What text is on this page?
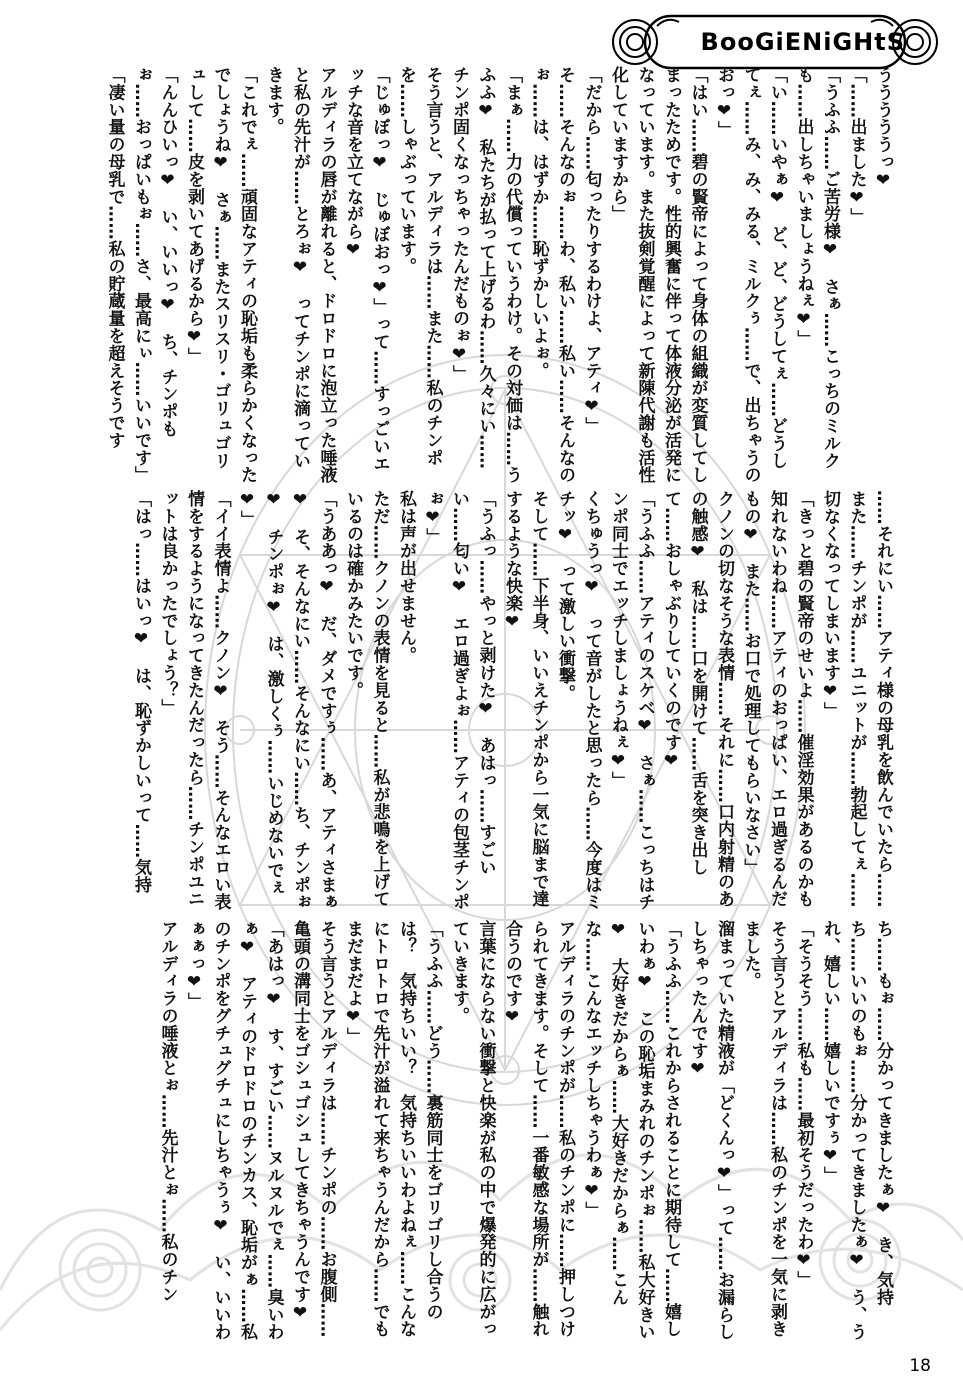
BooGiENiGHtS
うううううっ❤
「……出ました❤」
「うふふ……ご苦労様❤　さぁ……こっちのミルクも……出しちゃいましょうねぇ❤」
「い……いやぁ❤　ど、ど、どうしてぇ……どうしてぇ……み、み、みる、ミルクぅ……で、出ちゃうのおっ❤」
「はい……碧の賢帝によって身体の組織が変質してしまったためです。性的興奮に伴って体液分泌が活発になっています。また抜剣覚醒によって新陳代謝も活性化していますから」
「だから……匂ったりするわけよ、アティ❤」
そ……そんなのぉ……わ、私い……私い……そんなのぉ……は、はずか……恥ずかしいよぉ。
「まぁ……力の代償っていうわけ。その対価は……うふふ❤　私たちが払って上げるわ……久々にい……チンポ固くなっちゃったんだものぉ❤」
そう言うと、アルディラは……また……私のチンポを……しゃぶっています。
「じゅぼっ❤　じゅぼおっ❤」って……すっごいエッチな音を立てながら❤
アルディラの唇が離れると、ドロドロに泡立った唾液と私の先汁が……とろぉ❤　ってチンポに滴っていきます。
「これでぇ……頑固なアティの恥垢も柔らかくなったでしょうね❤　さぁ……またスリスリ・ゴリュゴリュして……皮を剥いてあげるから❤」
「んんひいっ❤　い、いいっ❤　ち、チンポもぉ……おっぱいもぉ……さ、最高にぃ……いいです」
「凄い量の母乳で……私の貯蔵量を超えそうです
……それにい……アティ様の母乳を飲んでいたら……また……チンポが……ユニットが……勃起してぇ……切なくなってしまいます❤」
「きっと碧の賢帝のせいよ……催淫効果があるのかも知れないわね……アティのおっぱい、エロ過ぎるんだもの❤　また……お口で処理してもらいなさい」
クノンの切なそうな表情……それに……口内射精のあの触感❤　私は……口を開けて……舌を突き出して……おしゃぶりしていくのです❤
「うふふ……アティのスケベ❤　さぁ……こっちはチンポ同士でエッチしましょうねぇ❤」
くちゅうっ❤　って音がしたと思ったら……今度はミチッ❤　って激しい衝撃。
そして……下半身、いいえチンポから一気に脳まで達するような快楽❤
「うふっ……やっと剥けた❤　あはっ……すごいい……匂い❤　エロ過ぎよぉ……アティの包茎チンポぉ❤」
私は声が出せません。
ただ……クノンの表情を見ると……私が悲鳴を上げているのは確かみたいです。
「うああっ❤　だ、ダメですぅ……あ、アティさまぁ❤　そ、そんなにい……そんなにい……ち、チンポぉ❤　チンポぉ❤　は、激しくぅ……いじめないでぇ❤」
「イイ表情よ……クノン❤　そう……そんなエロい表情をするようになってきたんだったら……チンポユニットは良かったでしょう？」
「はっ……はいっ❤　は、恥ずかしいって……気持
ち……もぉ……分かってきましたぁ❤　き、気持ち……いいのもぉ……分かってきましたぁ❤　う、うれ、嬉しい……嬉しいですぅ❤」
「そうそう……私も……最初そうだったわ❤」
そう言うとアルディラは……私のチンポを一気に剥きました。
溜まっていた精液が「どくんっ❤」って……お漏らししちゃったんです❤
「うふふ……これからされることに期待して……嬉しいわぁ❤　この恥垢まみれのチンポぉ……私大好きい❤　大好きだからぁ……大好きだからぁ……こんな……こんなエッチしちゃうわぁ❤」
アルディラのチンポが……私のチンポに……押しつけられてきます。そして……一番敏感な場所が……触れ合うのです❤
言葉にならない衝撃と快楽が私の中で爆発的に広がっていきます。
「うふふ……どう……裏筋同士をゴリゴリし合うのは？　気持ちいい？　気持ちいいわよねぇ……こんなにトロトロで先汁が溢れて来ちゃうんだから……でもまだまだよ❤」
そう言うとアルディラは……チンポの……お腹側……亀頭の溝同士をゴシュゴシュしてきちゃうんです❤
「あはっ❤　す、すごい……ヌルヌルでぇ……臭いわぁ❤　アティのドロドロのチンカス、恥垢がぁ……私のチンポをグチュグチュにしちゃうぅ❤　い、いいわぁぁっ❤」
アルディラの唾液とぉ……先汁とぉ……私のチン
18
